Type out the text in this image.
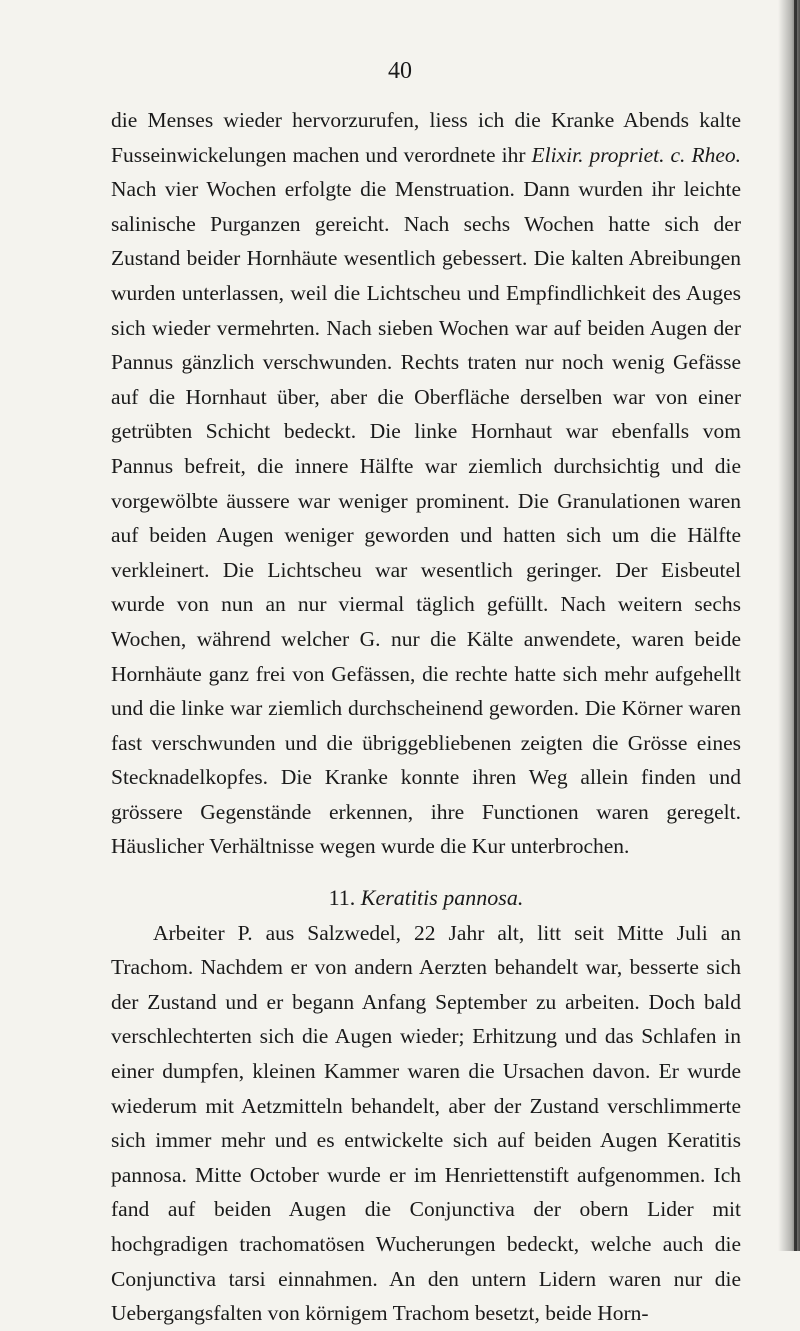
40

die Menses wieder hervorzurufen, liess ich die Kranke Abends kalte Fusseinwickelungen machen und verordnete ihr Elixir. propriet. c. Rheo. Nach vier Wochen erfolgte die Menstruation. Dann wurden ihr leichte salinische Purganzen gereicht. Nach sechs Wochen hatte sich der Zustand beider Hornhäute wesentlich gebessert. Die kalten Abreibungen wurden unterlassen, weil die Lichtscheu und Empfindlichkeit des Auges sich wieder vermehrten. Nach sieben Wochen war auf beiden Augen der Pannus gänzlich verschwunden. Rechts traten nur noch wenig Gefässe auf die Hornhaut über, aber die Oberfläche derselben war von einer getrübten Schicht bedeckt. Die linke Hornhaut war ebenfalls vom Pannus befreit, die innere Hälfte war ziemlich durchsichtig und die vorgewölbte äussere war weniger prominent. Die Granulationen waren auf beiden Augen weniger geworden und hatten sich um die Hälfte verkleinert. Die Lichtscheu war wesentlich geringer. Der Eisbeutel wurde von nun an nur viermal täglich gefüllt. Nach weitern sechs Wochen, während welcher G. nur die Kälte anwendete, waren beide Hornhäute ganz frei von Gefässen, die rechte hatte sich mehr aufgehellt und die linke war ziemlich durchscheinend geworden. Die Körner waren fast verschwunden und die übriggebliebenen zeigten die Grösse eines Stecknadelkopfes. Die Kranke konnte ihren Weg allein finden und grössere Gegenstände erkennen, ihre Functionen waren geregelt. Häuslicher Verhältnisse wegen wurde die Kur unterbrochen.

11. Keratitis pannosa.

Arbeiter P. aus Salzwedel, 22 Jahr alt, litt seit Mitte Juli an Trachom. Nachdem er von andern Aerzten behandelt war, besserte sich der Zustand und er begann Anfang September zu arbeiten. Doch bald verschlechterten sich die Augen wieder; Erhitzung und das Schlafen in einer dumpfen, kleinen Kammer waren die Ursachen davon. Er wurde wiederum mit Aetzmitteln behandelt, aber der Zustand verschlimmerte sich immer mehr und es entwickelte sich auf beiden Augen Keratitis pannosa. Mitte October wurde er im Henriettenstift aufgenommen. Ich fand auf beiden Augen die Conjunctiva der obern Lider mit hochgradigen trachomatösen Wucherungen bedeckt, welche auch die Conjunctiva tarsi einnahmen. An den untern Lidern waren nur die Uebergangsfalten von körnigem Trachom besetzt, beide Horn-
